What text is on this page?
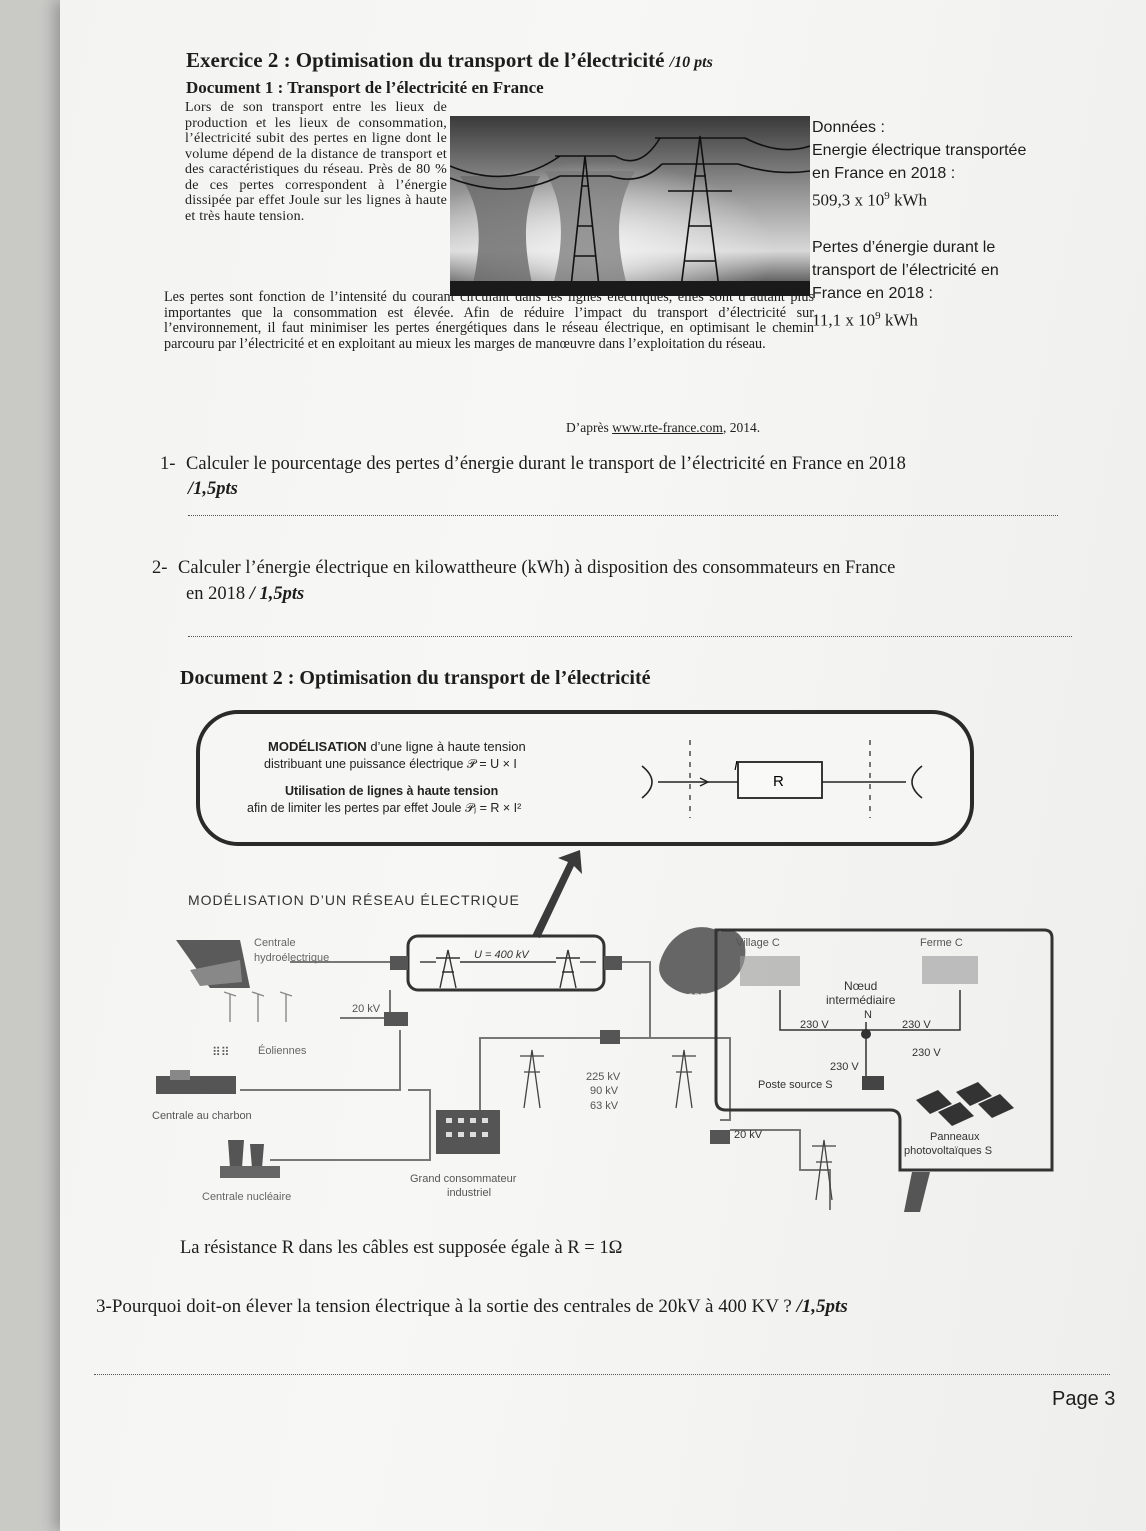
Exercice 2 : Optimisation du transport de l’électricité /10 pts
Document 1 : Transport de l’électricité en France
Lors de son transport entre les lieux de production et les lieux de consommation, l’électricité subit des pertes en ligne dont le volume dépend de la distance de transport et des caractéristiques du réseau. Près de 80 % de ces pertes correspondent à l’énergie dissipée par effet Joule sur les lignes à haute et très haute tension.
Données :
Energie électrique transportée
en France en 2018 :
509,3 x $10^9$ kWh
Pertes d’énergie durant le
transport de l’électricité en
France en 2018 :
11,1 x $10^9$ kWh
Les pertes sont fonction de l’intensité du courant circulant dans les lignes électriques, elles sont d’autant plus importantes que la consommation est élevée. Afin de réduire l’impact du transport d’électricité sur l’environnement, il faut minimiser les pertes énergétiques dans le réseau électrique, en optimisant le chemin parcouru par l’électricité et en exploitant au mieux les marges de manœuvre dans l’exploitation du réseau.
D’après www.rte-france.com, 2014.
1- Calculer le pourcentage des pertes d’énergie durant le transport de l’électricité en France en 2018
/1,5pts
2- Calculer l’énergie électrique en kilowattheure (kWh) à disposition des consommateurs en France
en 2018 / 1,5pts
Document 2 : Optimisation du transport de l’électricité
MODÉLISATION d’une ligne à haute tension
distribuant une puissance électrique 𝒫 = U × I
Utilisation de lignes à haute tension
afin de limiter les pertes par effet Joule 𝒫ⱼ = R × I²
I
R
MODÉLISATION D’UN RÉSEAU ÉLECTRIQUE
U = 400 kV
20 kV
Centrale
hydroélectrique
⠿⠿	Éoliennes
Centrale au charbon
Centrale nucléaire
225 kV
90 kV
63 kV
Grand consommateur
industriel
EUROPE
Village C	Ferme C
Nœud
intermédiaire
N
230 V	230 V
230 V
230 V
Poste source S
20 kV	Panneaux
photovoltaïques S
La résistance R dans les câbles est supposée égale à R = 1Ω
3-Pourquoi doit-on élever la tension électrique à la sortie des centrales de 20kV à 400 KV ? /1,5pts
Page 3
